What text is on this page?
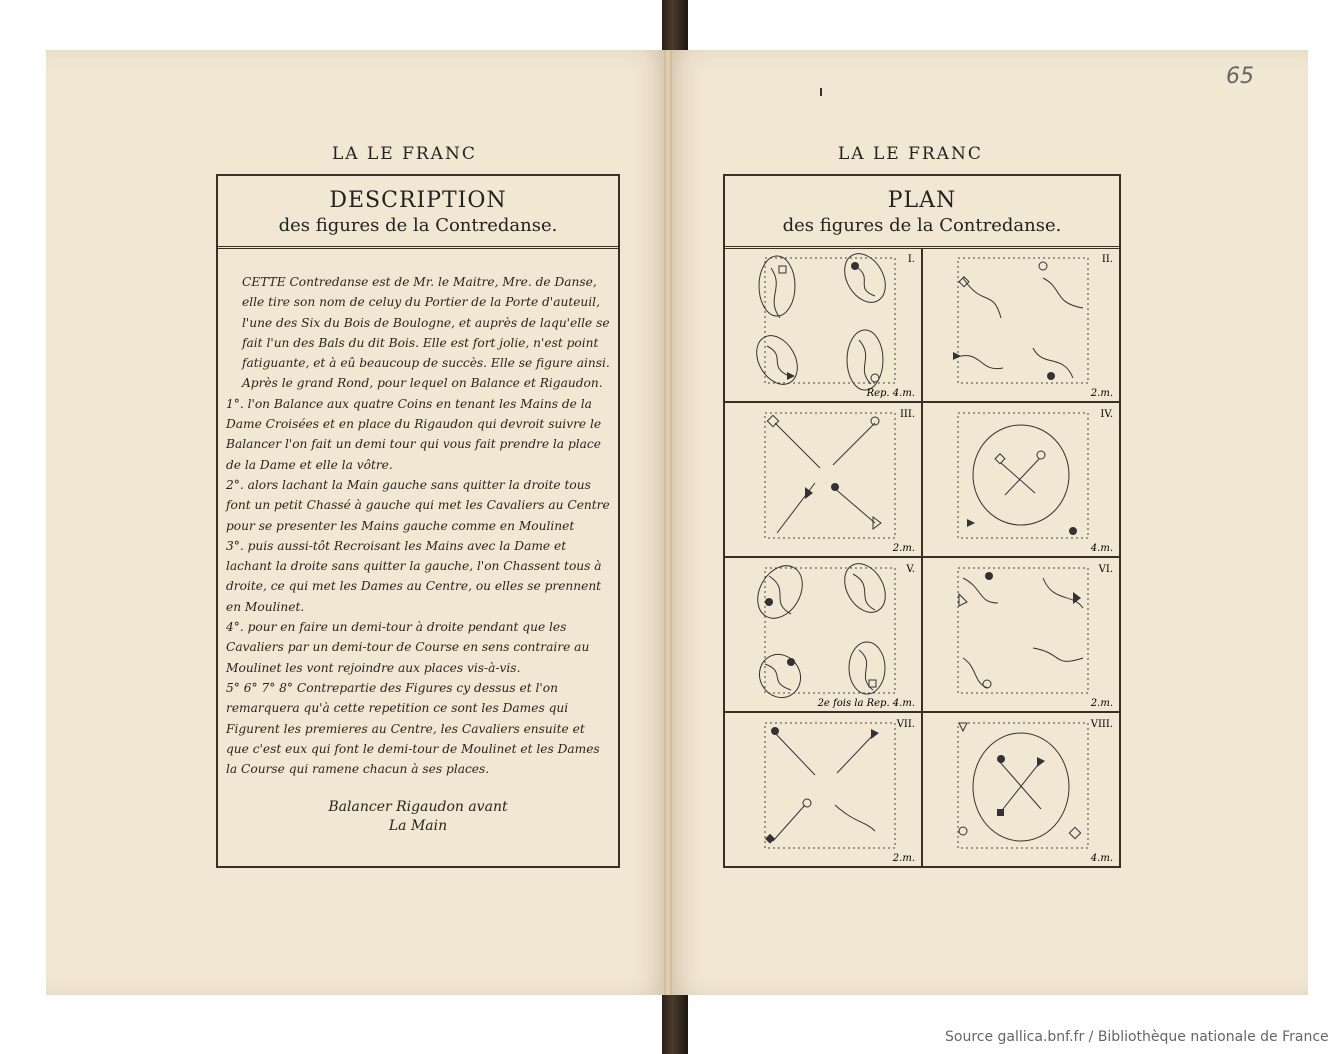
65
LA LE FRANC	LA LE FRANC
DESCRIPTION
des figures de la Contredanse.

CETTE Contredanse est de Mr. le Maitre, Mre. de Danse, elle tire son nom de celuy du Portier de la Porte d'auteuil, l'une des Six du Bois de Boulogne, et auprès de laqu'elle se fait l'un des Bals du dit Bois. Elle est fort jolie, n'est point fatiguante, et à eû beaucoup de succès. Elle se figure ainsi.

Après le grand Rond, pour lequel on Balance et Rigaudon.

1°. l'on Balance aux quatre Coins en tenant les Mains de la Dame Croisées et en place du Rigaudon qui devroit suivre le Balancer l'on fait un demi tour qui vous fait prendre la place de la Dame et elle la vôtre.

2°. alors lachant la Main gauche sans quitter la droite tous font un petit Chassé à gauche qui met les Cavaliers au Centre pour se presenter les Mains gauche comme en Moulinet

3°. puis aussi-tôt Recroisant les Mains avec la Dame et lachant la droite sans quitter la gauche, l'on Chassent tous à droite, ce qui met les Dames au Centre, ou elles se prennent en Moulinet.

4°. pour en faire un demi-tour à droite pendant que les Cavaliers par un demi-tour de Course en sens contraire au Moulinet les vont rejoindre aux places vis-à-vis.

5° 6° 7° 8° Contrepartie des Figures cy dessus et l'on remarquera qu'à cette repetition ce sont les Dames qui Figurent les premieres au Centre, les Cavaliers ensuite et que c'est eux qui font le demi-tour de Moulinet et les Dames la Course qui ramene chacun à ses places.

Balancer Rigaudon avant
La Main
PLAN
des figures de la Contredanse.
I.
Rep. 4.m.
II.
2.m.
III.
2.m.
IV.
4.m.
V.
2e fois la Rep. 4.m.
VI.
2.m.
VII.
2.m.
VIII.
4.m.
Source gallica.bnf.fr / Bibliothèque nationale de France
